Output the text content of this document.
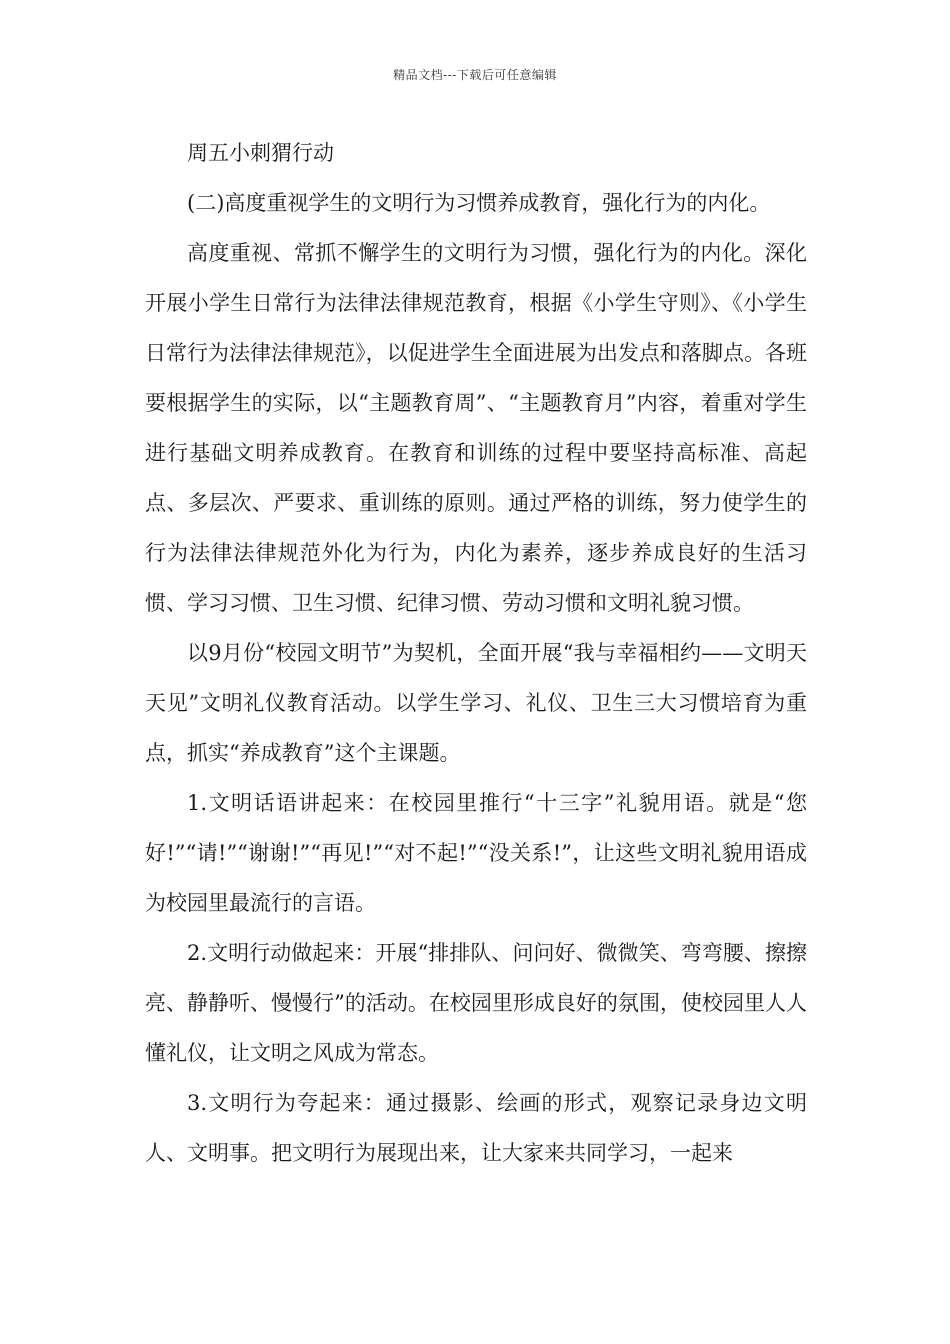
精品文档---下载后可任意编辑

周五小刺猬行动

(二)高度重视学生的文明行为习惯养成教育，强化行为的内化。

高度重视、常抓不懈学生的文明行为习惯，强化行为的内化。深化开展小学生日常行为法律法律规范教育，根据《小学生守则》、《小学生日常行为法律法律规范》，以促进学生全面进展为出发点和落脚点。各班要根据学生的实际，以“主题教育周”、“主题教育月”内容，着重对学生进行基础文明养成教育。在教育和训练的过程中要坚持高标准、高起点、多层次、严要求、重训练的原则。通过严格的训练，努力使学生的行为法律法律规范外化为行为，内化为素养，逐步养成良好的生活习惯、学习习惯、卫生习惯、纪律习惯、劳动习惯和文明礼貌习惯。

以9月份“校园文明节”为契机，全面开展“我与幸福相约——文明天天见”文明礼仪教育活动。以学生学习、礼仪、卫生三大习惯培育为重点，抓实“养成教育”这个主课题。

1.文明话语讲起来：在校园里推行“十三字”礼貌用语。就是“您好!”“请!”“谢谢!”“再见!”“对不起!”“没关系!”，让这些文明礼貌用语成为校园里最流行的言语。

2.文明行动做起来：开展“排排队、问问好、微微笑、弯弯腰、擦擦亮、静静听、慢慢行”的活动。在校园里形成良好的氛围，使校园里人人懂礼仪，让文明之风成为常态。

3.文明行为夸起来：通过摄影、绘画的形式，观察记录身边文明人、文明事。把文明行为展现出来，让大家来共同学习，一起来
